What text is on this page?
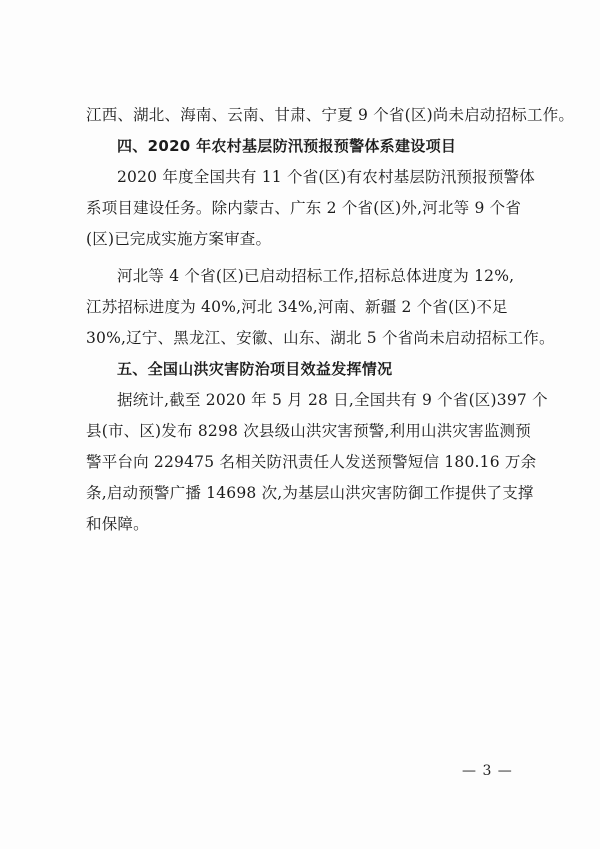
江西、湖北、海南、云南、甘肃、宁夏 9 个省(区)尚未启动招标工作。
四、2020 年农村基层防汛预报预警体系建设项目
2020 年度全国共有 11 个省(区)有农村基层防汛预报预警体
系项目建设任务。除内蒙古、广东 2 个省(区)外,河北等 9 个省
(区)已完成实施方案审查。
河北等 4 个省(区)已启动招标工作,招标总体进度为 12%,
江苏招标进度为 40%,河北 34%,河南、新疆 2 个省(区)不足
30%,辽宁、黑龙江、安徽、山东、湖北 5 个省尚未启动招标工作。
五、全国山洪灾害防治项目效益发挥情况
据统计,截至 2020 年 5 月 28 日,全国共有 9 个省(区)397 个
县(市、区)发布 8298 次县级山洪灾害预警,利用山洪灾害监测预
警平台向 229475 名相关防汛责任人发送预警短信 180.16 万余
条,启动预警广播 14698 次,为基层山洪灾害防御工作提供了支撑
和保障。
— 3 —
